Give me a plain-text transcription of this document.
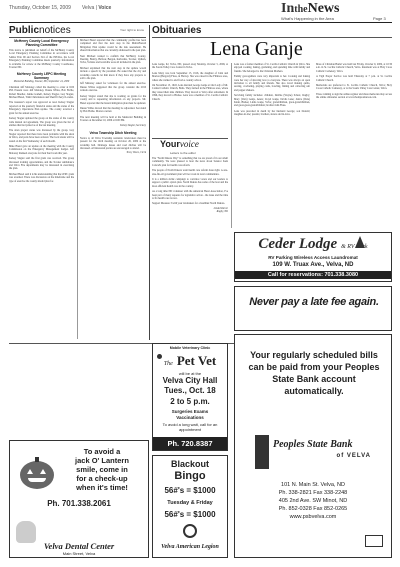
Thursday, October 15, 2009 Velva | Voice	IntheNews
What's Happening in the Area	Page 3
Publicnotices	Your right to know
McHenry County Local Emergency Planning Committee
This notice is published on behalf of the McHenry County Local Emergency Planning Committee in accordance with SARA Title III and Section 324 of the EPCRA, the Local Emergency Planning Committee meets quarterly. Information is available for review at the McHenry County Courthouse, Towner ND.
McHenry County LEPC Meeting Summary
Memorial Building, Towner, ND, September 24, 2009
Chairman Jeff Maloney called the meeting to order at 6:00 PM. Present were Jeff Maloney, Duane Willes, Bob Bollie, Robert Mueller, Jennie Gamell, Kelsey Slagter, Guy Slagter, Michael Hazel, Trish Christianson and Sheriff Cheryl Lorentz.
The treasurer's report was approved as read. Kelsey Slagter reported on the quarterly financial status and the status of the Emergency Operations Plan update. The county received a grant for the annual exercise.
Kelsey Slagter updated the group on the status of the county wide mutual aid agreement. The group was given the list of entities that had joined as of the last meeting.
The siren project status was discussed by the group. Guy Slagter reported that there have been problems with the siren in Velva, and parts have been ordered. The local sirens will be tested on the first Wednesday of each month.
Mike Hazel gave an update on the meeting with the County Commission on the Emergency Management budget. Jeff Maloney thanked everyone for their hard work this year.
Kelsey Slagter said the first grant was received. The group discussed training opportunities, and the Towner Ambulance and Velva Fire departments may be interested in exercising the plan.
Michael Hazel said it is his understanding that the LEPC grant was awarded. There was discussion on the timeframe and the type of exercise the county should plan for.
Michael Hazel reported that the community profile has been completed and that the next step in the Multi-Hazard Mitigation Plan update would be the risk assessment. He shared information that are currently addressed in the past plan.
Next Michael wanted to confirm that McHenry County, Deering, Bantry, Balfour, Bergen, Karlsruhe, Towner, Upham, Velva, Voltaire and Granville were all included in the plan.
Michael explained that the next step in the update would include a speech by the president. He asked that the city and township councils let him know if they have any projects to add to the plan.
Jeff Maloney asked for volunteers for the annual exercise. Duane Willes suggested that the group consider the 2010 tornado exercise.
Kelsey Slagter stated that she is working on grants for the county and is requesting information on any projects. Mr. Hazel reported that the hazard mitigation plan must be updated.
Duane Willes moved that the meeting be adjourned. Seconded by Bob Bollie. Motion carried.
The next meeting will be held at the Memorial Building in Towner on December 10, 2009 at 6:00 PM.
Kelsey Slagter, Secretary
Velva Township Ditch Meeting
Notice to all Velva Township residents: landowners must be present for the ditch meeting on October 26, 2009 at the township hall. Drainage issues and road ditches will be discussed. All interested parties are encouraged to attend.
Tracy Vavra, Clerk
Obituaries
Lena Ganje
Lena Ganje, 92, Velva, ND, passed away Monday, October 5, 2009, at the Souris Valley Care Center in Velva.
Lena Mary was born September 15, 1916, the daughter of John and Marion (Bergold) Fluss, in Harvey. She was raised in the Fillmore area, where she walked to and from a country school.
On November 15, 1943, Lena married George Ganje at Our Lady of Mt. Carmel Catholic Church, Balta. They farmed in the Fillmore area, where they raised their nine children. They moved to Velva after retirement. In 1996, they moved to Bisbee. Lena was a member of St. Cecilia Catholic Church.
Yourvoice
Letters to the editor
The "North Dakota Way" is something that we are proud of in our small community. We were pleased to hear the news about Senator Kent Conrad's plan for health care reform.
The people of North Dakota want health care reform done right. A one-size-fits-all government plan will not work in rural communities.
It is a million dollar campaign to convince voters and our leaders to support a public option plan. North Dakota has some of the best and the most efficient health care in the country.
As a long time ND volunteer with the American Heart Association, I've been part of many requests for legislative action - the issue and the time to fix health care is now.
Support Measure 3 with your lawmakers for a healthier North Dakota.
Linda Warner
Rugby, ND
Lena was a former member of St. Cecilia Catholic Church in Velva. She enjoyed cooking, baking, gardening, and spending time with family and friends. She belonged to the Christian Mothers.
Family get-togethers were very important to her. Cooking and baking were her way of showing love to everyone. There was always an open invitation to all family and friends. She also loved making quilts, sewing, crocheting, playing cards, bowling, fishing and collecting salt and pepper shakers.
Surviving family includes: children, Debbie (Wayne) Scherr, Rugby; Mary (Vern) Ganje, Aneta; Lloyd Ganje, Devils Lake; Janice (Dale) Klein, Bisbee; Linda Ganje, Velva; grandchildren, great-grandchildren, and great-great-grandchildren; brother John Fluss.
Lena was preceded in death by her husband George; son Donald; daughter-in-law; parents; brothers, sisters and in-laws.
Mass of Christian Burial was held last Friday, October 9, 2009, at 10:30 a.m. in St. Cecilia Catholic Church, Velva. Interment was at Holy Cross Catholic Cemetery, Velva.
A Vigil Prayer Service was held Thursday at 7 p.m. at St. Cecilia Catholic Church.
Memorials are preferred to St. Cecilia Catholic Church, Velva; Holy Cross Catholic Cemetery, or to the Souris Valley Care Center, Velva.
Those wishing to sign the online register and share memories may access the online obituaries section at www.thompsonlarson.com.
Ceder Lodge & RV Park
RV Parking Wireless Access Laundromat
109 W. Truax Ave., Velva, ND
Call for reservations: 701.338.3080
To avoid a
jack O' Lantern
smile, come in
for a check-up
when it's time!
Ph. 701.338.2061
Velva Dental Center
Main Street, Velva
Mobile Veterinary Clinic
The Pet Vet
will be at the
Velva City Hall
Tues., Oct. 18
2 to 5 p.m.
Surgeries Exams
Vaccinations
To avoid a long wait, call for an appointment
Ph. 720.8387
Blackout
Bingo
56#'s = $1000
Tuesday & Friday
56#'s = $1000
Velva American Legion
Never pay a late fee again.
Your regularly scheduled bills can be paid from your Peoples State Bank account automatically.
Peoples State Bank
of VELVA
101 N. Main St. Velva, ND
Ph. 338-2821 Fax 338-2248
405 2nd Ave. SW Minot, ND
Ph. 852-0328 Fax 852-0265
www.psbvelva.com
